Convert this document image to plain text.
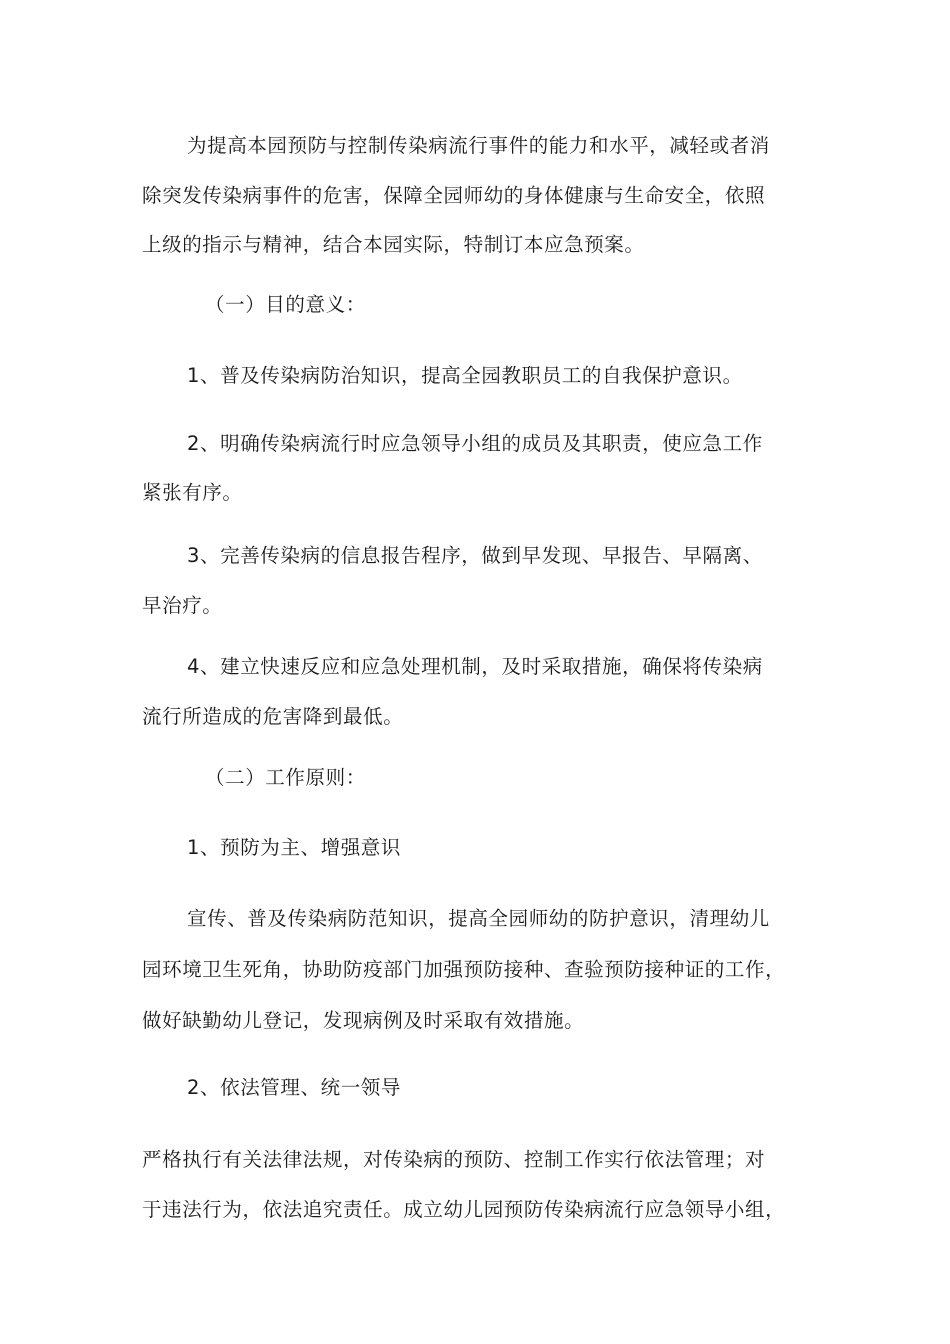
为提高本园预防与控制传染病流行事件的能力和水平，减轻或者消

除突发传染病事件的危害，保障全园师幼的身体健康与生命安全，依照

上级的指示与精神，结合本园实际，特制订本应急预案。

（一）目的意义：

1、普及传染病防治知识，提高全园教职员工的自我保护意识。

2、明确传染病流行时应急领导小组的成员及其职责，使应急工作

紧张有序。

3、完善传染病的信息报告程序，做到早发现、早报告、早隔离、

早治疗。

4、建立快速反应和应急处理机制，及时采取措施，确保将传染病

流行所造成的危害降到最低。

（二）工作原则：

1、预防为主、增强意识

宣传、普及传染病防范知识，提高全园师幼的防护意识，清理幼儿

园环境卫生死角，协助防疫部门加强预防接种、查验预防接种证的工作，

做好缺勤幼儿登记，发现病例及时采取有效措施。

2、依法管理、统一领导

严格执行有关法律法规，对传染病的预防、控制工作实行依法管理；对

于违法行为，依法追究责任。成立幼儿园预防传染病流行应急领导小组，
